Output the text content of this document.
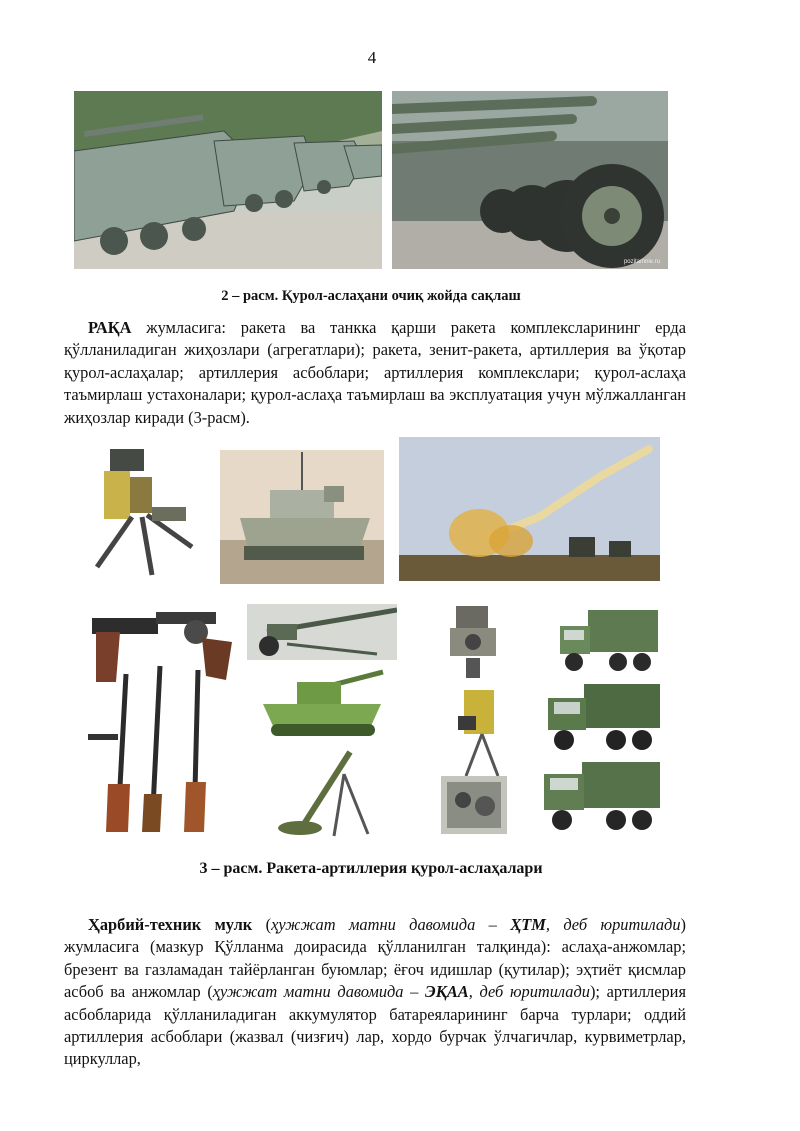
4
pozitamnie.ru
2 – расм. Қурол-аслаҳани очиқ жойда сақлаш
РАҚА жумласига: ракета ва танкка қарши ракета комплексларининг ерда қўлланиладиган жиҳозлари (агрегатлари); ракета, зенит-ракета, артиллерия ва ўқотар қурол-аслаҳалар; артиллерия асбоблари; артиллерия комплекслари; қурол-аслаҳа таъмирлаш устахоналари; қурол-аслаҳа таъмирлаш ва эксплуатация учун мўлжалланган жиҳозлар киради (3-расм).
3 – расм. Ракета-артиллерия қурол-аслаҳалари
Ҳарбий-техник мулк (ҳужжат матни давомида – ҲТМ, деб юритилади) жумласига (мазкур Қўлланма доирасида қўлланилган талқинда): аслаҳа-анжомлар; брезент ва газламадан тайёрланган буюмлар; ёғоч идишлар (қутилар); эҳтиёт қисмлар асбоб ва анжомлар (ҳужжат матни давомида – ЭҚАА, деб юритилади); артиллерия асбобларида қўлланиладиган аккумулятор батареяларининг барча турлари; оддий артиллерия асбоблари (жазвал (чизғич) лар, хордо бурчак ўлчагичлар, курвиметрлар, циркуллар,
